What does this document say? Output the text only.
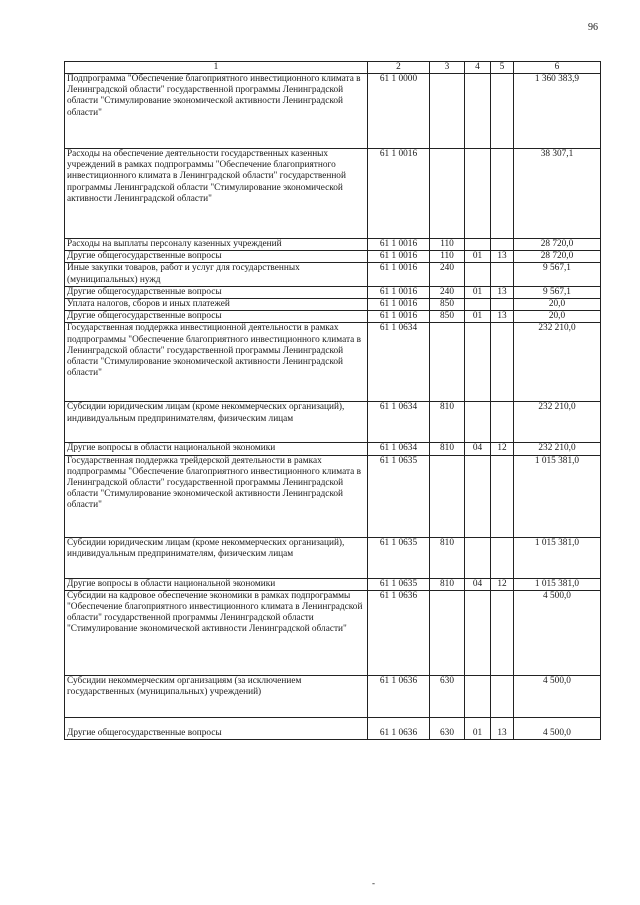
96
1	2	3	4	5	6
Подпрограмма "Обеспечение благоприятного инвестиционного климата в Ленинградской области" государственной программы Ленинградской области "Стимулирование экономической активности Ленинградской области"	61 1 0000				1 360 383,9
Расходы на обеспечение деятельности государственных казенных учреждений в рамках подпрограммы "Обеспечение благоприятного инвестиционного климата в Ленинградской области" государственной программы Ленинградской области "Стимулирование экономической активности Ленинградской области"	61 1 0016				38 307,1
Расходы на выплаты персоналу казенных учреждений	61 1 0016	110			28 720,0
Другие общегосударственные вопросы	61 1 0016	110	01	13	28 720,0
Иные закупки товаров, работ и услуг для государственных (муниципальных) нужд	61 1 0016	240			9 567,1
Другие общегосударственные вопросы	61 1 0016	240	01	13	9 567,1
Уплата налогов, сборов и иных платежей	61 1 0016	850			20,0
Другие общегосударственные вопросы	61 1 0016	850	01	13	20,0
Государственная поддержка инвестиционной деятельности в рамках подпрограммы "Обеспечение благоприятного инвестиционного климата в Ленинградской области" государственной программы Ленинградской области "Стимулирование экономической активности Ленинградской области"	61 1 0634				232 210,0
Субсидии юридическим лицам (кроме некоммерческих организаций), индивидуальным предпринимателям, физическим лицам	61 1 0634	810			232 210,0
Другие вопросы в области национальной экономики	61 1 0634	810	04	12	232 210,0
Государственная поддержка трейдерской деятельности в рамках подпрограммы "Обеспечение благоприятного инвестиционного климата в Ленинградской области" государственной программы Ленинградской области "Стимулирование экономической активности Ленинградской области"	61 1 0635				1 015 381,0
Субсидии юридическим лицам (кроме некоммерческих организаций), индивидуальным предпринимателям, физическим лицам	61 1 0635	810			1 015 381,0
Другие вопросы в области национальной экономики	61 1 0635	810	04	12	1 015 381,0
Субсидии на кадровое обеспечение экономики в рамках подпрограммы "Обеспечение благоприятного инвестиционного климата в Ленинградской области" государственной программы Ленинградской области "Стимулирование экономической активности Ленинградской области"	61 1 0636				4 500,0
Субсидии некоммерческим организациям (за исключением государственных (муниципальных) учреждений)	61 1 0636	630			4 500,0
Другие общегосударственные вопросы	61 1 0636	630	01	13	4 500,0
-
